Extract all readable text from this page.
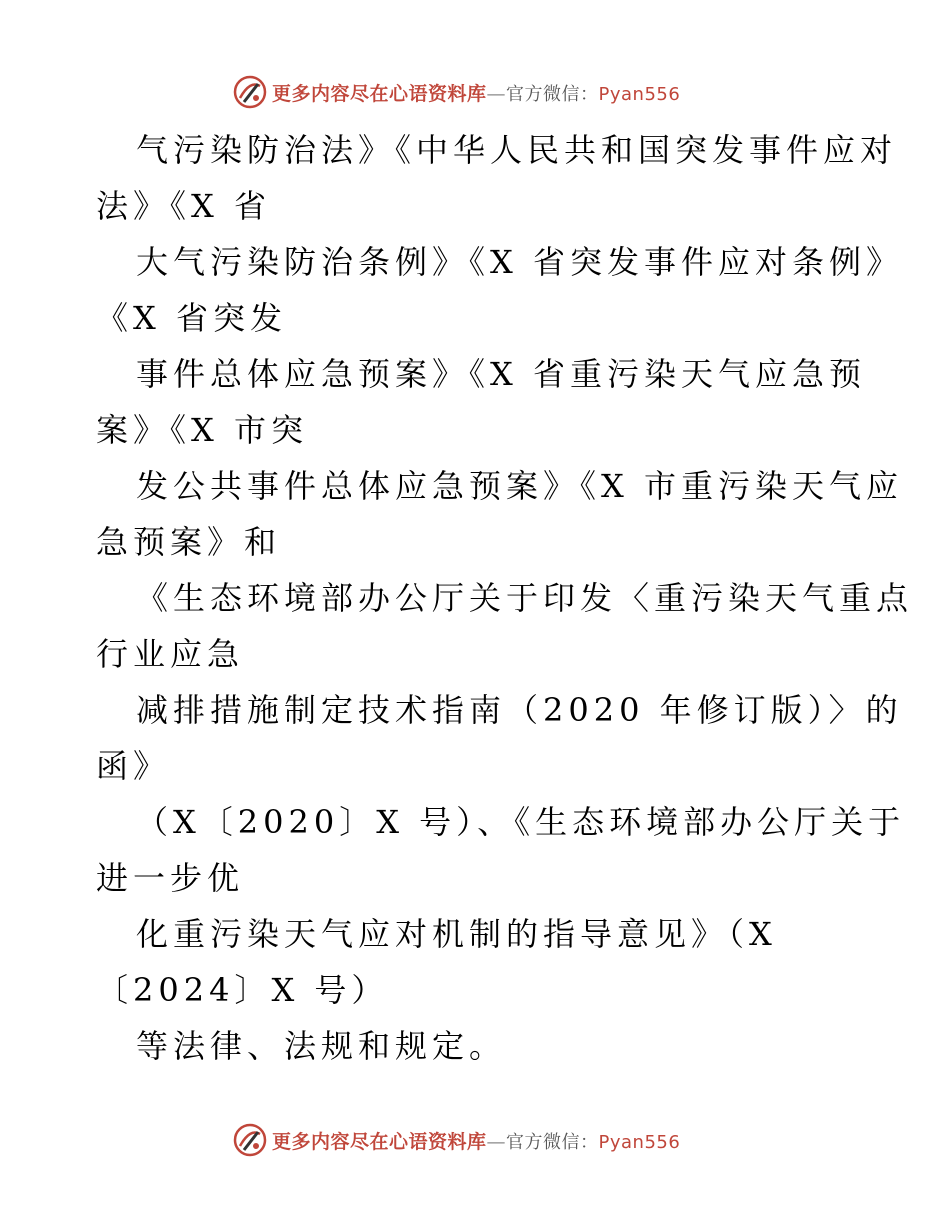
更多内容尽在心语资料库—官方微信：Pyan556
气污染防治法》《中华人民共和国突发事件应对
法》《X 省
大气污染防治条例》《X 省突发事件应对条例》
《X 省突发
事件总体应急预案》《X 省重污染天气应急预
案》《X 市突
发公共事件总体应急预案》《X 市重污染天气应
急预案》和
《生态环境部办公厅关于印发〈重污染天气重点
行业应急
减排措施制定技术指南（2020 年修订版）〉的
函》
（X〔2020〕X 号）、《生态环境部办公厅关于
进一步优
化重污染天气应对机制的指导意见》（X
〔2024〕X 号）
等法律、法规和规定。
更多内容尽在心语资料库—官方微信：Pyan556
